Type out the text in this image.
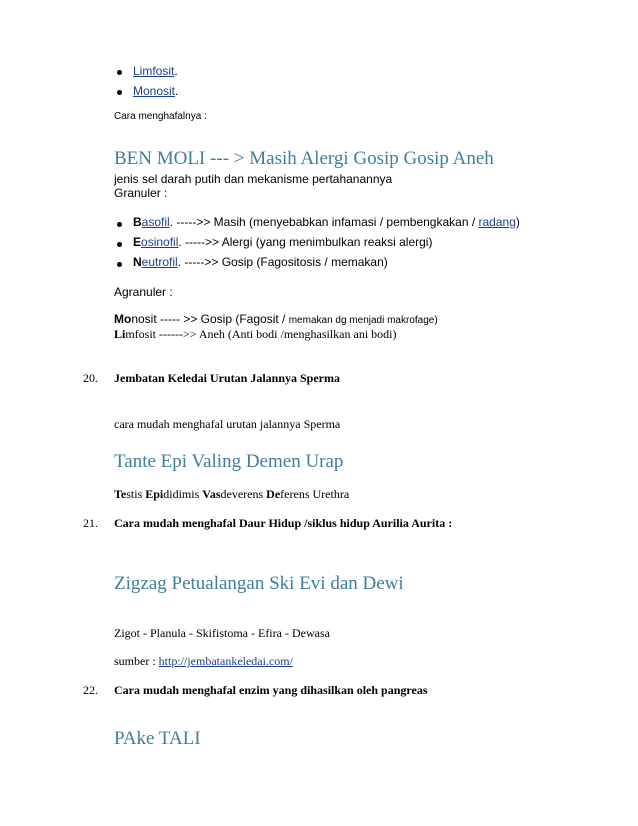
Limfosit.
Monosit.
Cara menghafalnya :
BEN MOLI --- > Masih Alergi Gosip Gosip Aneh
jenis sel darah putih dan mekanisme pertahanannya
Granuler :
Basofil. ----->> Masih (menyebabkan infamasi / pembengkakan / radang)
Eosinofil. ----->> Alergi (yang menimbulkan reaksi alergi)
Neutrofil. ----->> Gosip (Fagositosis / memakan)
Agranuler :
Monosit ----- >> Gosip (Fagosit / memakan dg menjadi makrofage)
Limfosit ------>> Aneh (Anti bodi /menghasilkan ani bodi)
20. Jembatan Keledai Urutan Jalannya Sperma
cara mudah menghafal urutan jalannya Sperma
Tante Epi Valing Demen Urap
Testis Epididimis Vasdeverens Deferens Urethra
21. Cara mudah menghafal Daur Hidup /siklus hidup Aurilia Aurita :
Zigzag Petualangan Ski Evi dan Dewi
Zigot - Planula - Skifistoma - Efira - Dewasa
sumber : http://jembatankeledai.com/
22. Cara mudah menghafal enzim yang dihasilkan oleh pangreas
PAke TALI
